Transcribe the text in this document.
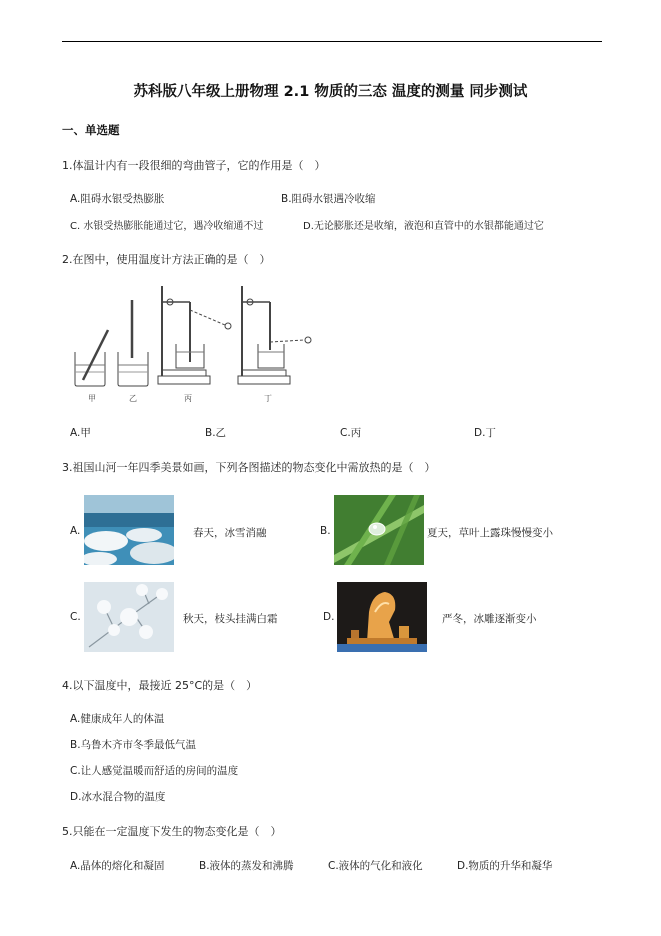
苏科版八年级上册物理 2.1 物质的三态 温度的测量 同步测试
一、单选题
1.体温计内有一段很细的弯曲管子，它的作用是（　）
A.阻碍水银受热膨胀	B.阻碍水银遇冷收缩
C. 水银受热膨胀能通过它，遇冷收缩通不过	D.无论膨胀还是收缩，液泡和直管中的水银都能通过它
2.在图中，使用温度计方法正确的是（　）
甲	乙	丙	丁
A.甲	B.乙	C.丙	D.丁
3.祖国山河一年四季美景如画，下列各图描述的物态变化中需放热的是（　）
A.	春天，冰雪消融	B.	夏天，草叶上露珠慢慢变小
C.	秋天，枝头挂满白霜	D.	严冬，冰雕逐渐变小
4.以下温度中，最接近 25°C的是（　）
A.健康成年人的体温
B.乌鲁木齐市冬季最低气温
C.让人感觉温暖而舒适的房间的温度
D.冰水混合物的温度
5.只能在一定温度下发生的物态变化是（　）
A.晶体的熔化和凝固	B.液体的蒸发和沸腾	C.液体的气化和液化	D.物质的升华和凝华
